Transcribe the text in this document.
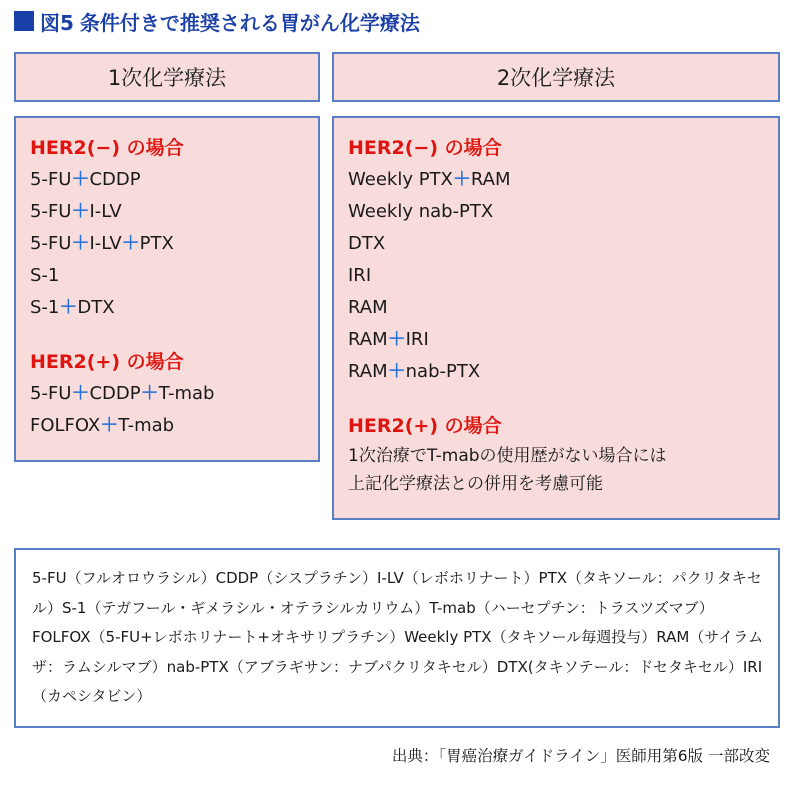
図5 条件付きで推奨される胃がん化学療法
1次化学療法	2次化学療法
HER2(−) の場合
5-FU＋CDDP
5-FU＋I-LV
5-FU＋I-LV＋PTX
S-1
S-1＋DTX
HER2(+) の場合
5-FU＋CDDP＋T-mab
FOLFOX＋T-mab
HER2(−) の場合
Weekly PTX＋RAM
Weekly nab-PTX
DTX
IRI
RAM
RAM＋IRI
RAM＋nab-PTX
HER2(+) の場合
1次治療でT-mabの使用歴がない場合には
上記化学療法との併用を考慮可能
5-FU（フルオロウラシル）CDDP（シスプラチン）I-LV（レボホリナート）PTX（タキソール：パクリタキセル）S-1（テガフール・ギメラシル・オテラシルカリウム）T-mab（ハーセプチン：トラスツズマブ）FOLFOX（5-FU+レボホリナート+オキサリプラチン）Weekly PTX（タキソール毎週投与）RAM（サイラムザ：ラムシルマブ）nab-PTX（アブラギサン：ナブパクリタキセル）DTX(タキソテール：ドセタキセル）IRI（カペシタビン）
出典：「胃癌治療ガイドライン」医師用第6版 一部改変
